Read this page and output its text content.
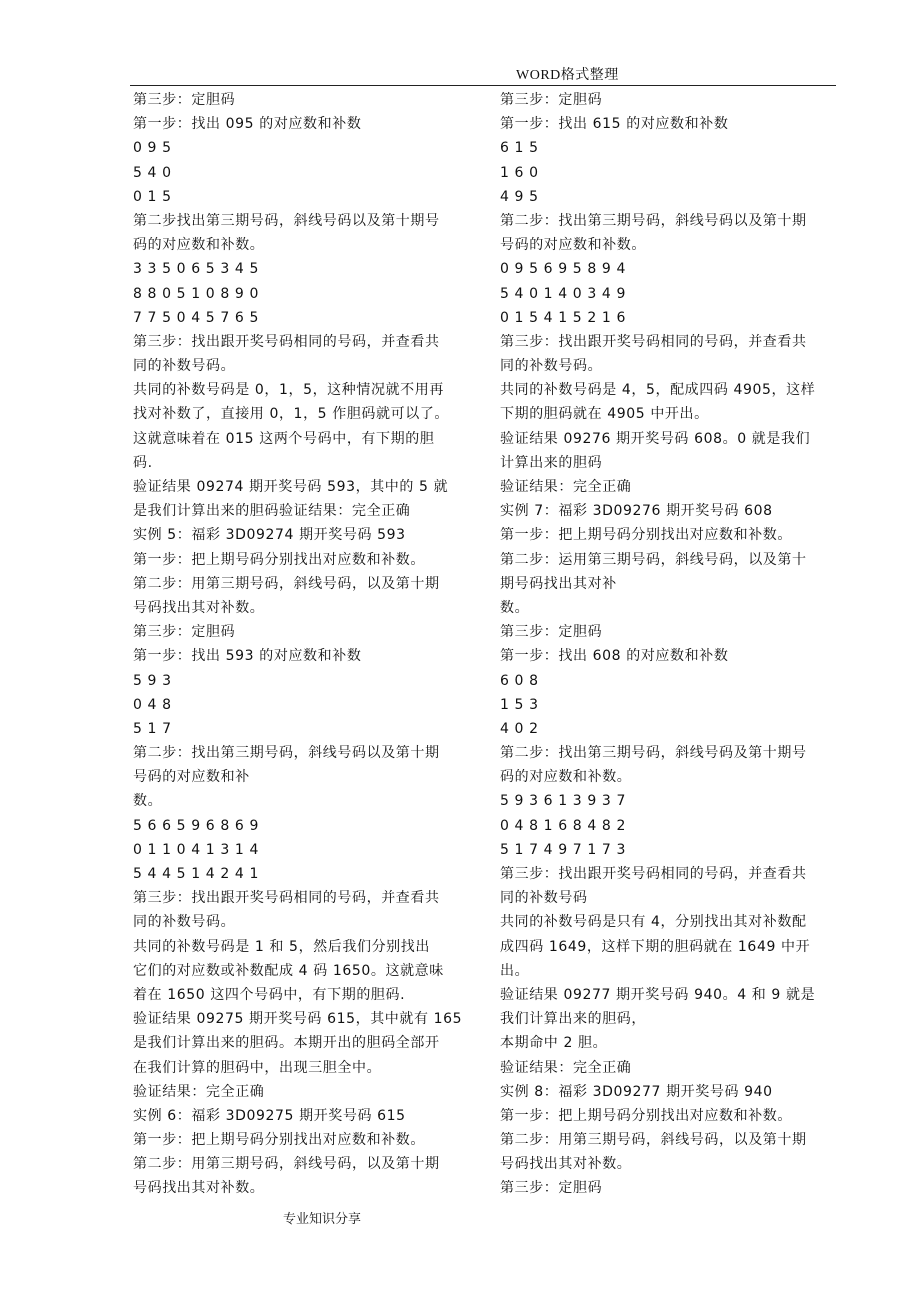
WORD格式整理
第三步：定胆码
第一步：找出 095 的对应数和补数
0 9 5
5 4 0
0 1 5
第二步找出第三期号码，斜线号码以及第十期号
码的对应数和补数。
3 3 5 0 6 5 3 4 5
8 8 0 5 1 0 8 9 0
7 7 5 0 4 5 7 6 5
第三步：找出跟开奖号码相同的号码，并查看共
同的补数号码。
共同的补数号码是 0，1，5，这种情况就不用再
找对补数了，直接用 0，1，5 作胆码就可以了。
这就意味着在 015 这两个号码中，有下期的胆
码.
验证结果 09274 期开奖号码 593，其中的 5 就
是我们计算出来的胆码验证结果：完全正确
实例 5：福彩 3D09274 期开奖号码 593
第一步：把上期号码分别找出对应数和补数。
第二步：用第三期号码，斜线号码，以及第十期
号码找出其对补数。
第三步：定胆码
第一步：找出 593 的对应数和补数
5 9 3
0 4 8
5 1 7
第二步：找出第三期号码，斜线号码以及第十期
号码的对应数和补
数。
5 6 6 5 9 6 8 6 9
0 1 1 0 4 1 3 1 4
5 4 4 5 1 4 2 4 1
第三步：找出跟开奖号码相同的号码，并查看共
同的补数号码。
共同的补数号码是 1 和 5，然后我们分别找出
它们的对应数或补数配成 4 码 1650。这就意味
着在 1650 这四个号码中，有下期的胆码.
验证结果 09275 期开奖号码 615，其中就有 165
是我们计算出来的胆码。本期开出的胆码全部开
在我们计算的胆码中，出现三胆全中。
验证结果：完全正确
实例 6：福彩 3D09275 期开奖号码 615
第一步：把上期号码分别找出对应数和补数。
第二步：用第三期号码，斜线号码，以及第十期
号码找出其对补数。
第三步：定胆码
第一步：找出 615 的对应数和补数
6 1 5
1 6 0
4 9 5
第二步：找出第三期号码，斜线号码以及第十期
号码的对应数和补数。
0 9 5 6 9 5 8 9 4
5 4 0 1 4 0 3 4 9
0 1 5 4 1 5 2 1 6
第三步：找出跟开奖号码相同的号码，并查看共
同的补数号码。
共同的补数号码是 4，5，配成四码 4905，这样
下期的胆码就在 4905 中开出。
验证结果 09276 期开奖号码 608。0 就是我们
计算出来的胆码
验证结果：完全正确
实例 7：福彩 3D09276 期开奖号码 608
第一步：把上期号码分别找出对应数和补数。
第二步：运用第三期号码，斜线号码，以及第十
期号码找出其对补
数。
第三步：定胆码
第一步：找出 608 的对应数和补数
6 0 8
1 5 3
4 0 2
第二步：找出第三期号码，斜线号码及第十期号
码的对应数和补数。
5 9 3 6 1 3 9 3 7
0 4 8 1 6 8 4 8 2
5 1 7 4 9 7 1 7 3
第三步：找出跟开奖号码相同的号码，并查看共
同的补数号码
共同的补数号码是只有 4，分别找出其对补数配
成四码 1649，这样下期的胆码就在 1649 中开
出。
验证结果 09277 期开奖号码 940。4 和 9 就是
我们计算出来的胆码，
本期命中 2 胆。
验证结果：完全正确
实例 8：福彩 3D09277 期开奖号码 940
第一步：把上期号码分别找出对应数和补数。
第二步：用第三期号码，斜线号码，以及第十期
号码找出其对补数。
第三步：定胆码
专业知识分享
